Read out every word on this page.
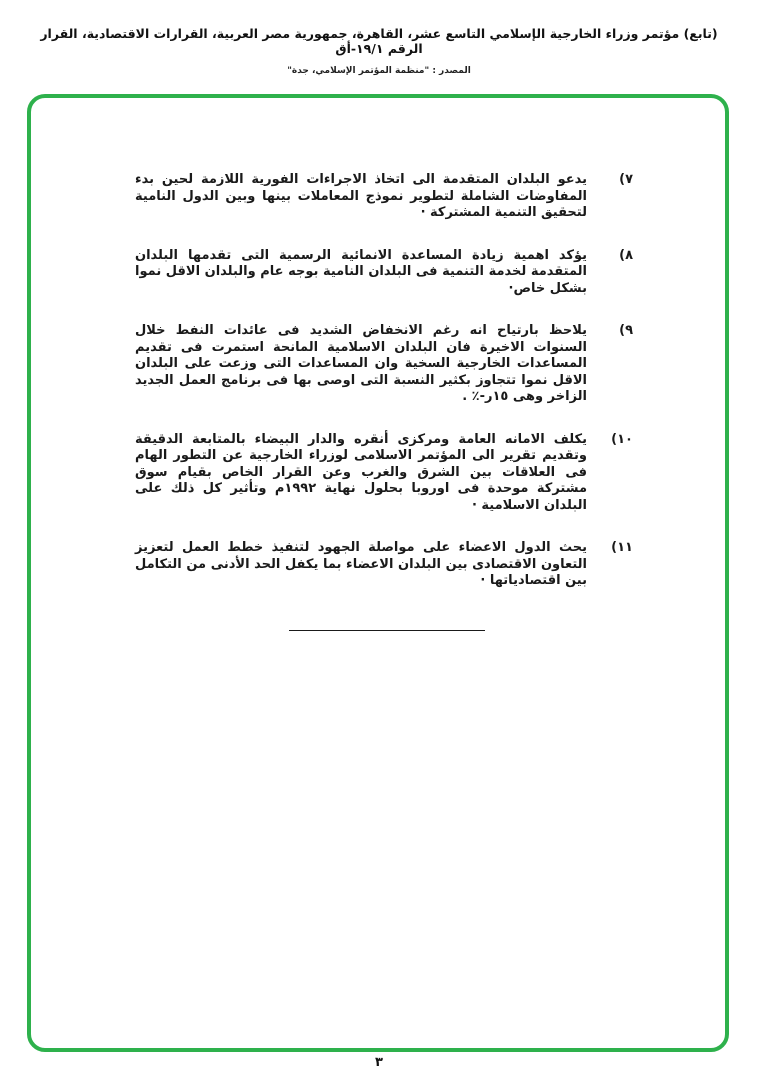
(تابع) مؤتمر وزراء الخارجية الإسلامي التاسع عشر، القاهرة، جمهورية مصر العربية، القرارات الاقتصادية، القرار الرقم ١٩/١-أق
المصدر : "منظمة المؤتمر الإسلامي، جدة"
٧)
يدعو البلدان المتقدمة الى اتخاذ الاجراءات الفورية اللازمة لحين بدء المفاوضات الشاملة لتطوير نموذج المعاملات بينها وبين الدول النامية لتحقيق التنمية المشتركة ·
٨)
يؤكد اهمية زيادة المساعدة الانمائية الرسمية التى تقدمها البلدان المتقدمة لخدمة التنمية فى البلدان النامية بوجه عام والبلدان الاقل نموا بشكل خاص·
٩)
يلاحظ بارتياح انه رغم الانخفاض الشديد فى عائدات النفط خلال السنوات الاخيرة فان البلدان الاسلامية المانحة استمرت فى تقديم المساعدات الخارجية السخية وان المساعدات التى وزعت على البلدان الاقل نموا تتجاوز بكثير النسبة التى اوصى بها فى برنامج العمل الجديد الزاخر وهى ١٥ر-٪ .
١٠)
يكلف الامانه العامة ومركزى أنقره والدار البيضاء بالمتابعة الدقيقة وتقديم تقرير الى المؤتمر الاسلامى لوزراء الخارجية عن التطور الهام فى العلاقات بين الشرق والغرب وعن القرار الخاص بقيام سوق مشتركة موحدة فى اوروبا بحلول نهاية ١٩٩٢م وتأثير كل ذلك على البلدان الاسلامية ·
١١)
يحث الدول الاعضاء على مواصلة الجهود لتنفيذ خطط العمل لتعزيز التعاون الاقتصادى بين البلدان الاعضاء بما يكفل الحد الأدنى من التكامل بين اقتصادياتها ·
٣
